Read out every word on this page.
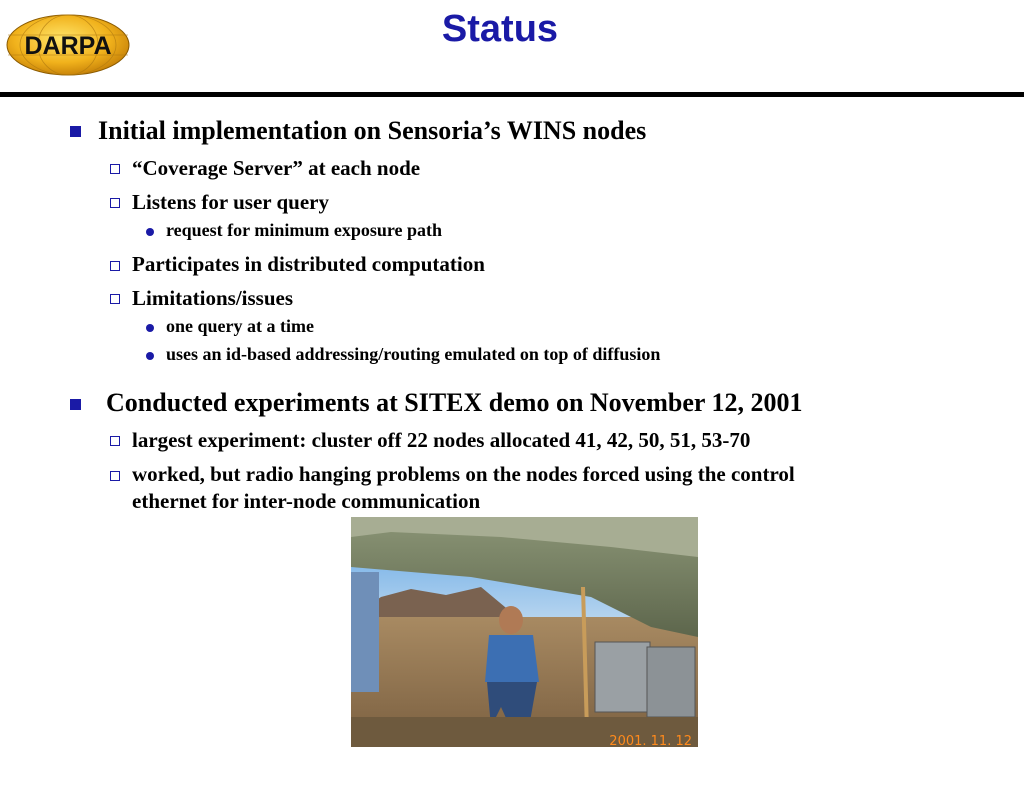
DARPA	Status
Initial implementation on Sensoria’s WINS nodes
“Coverage Server” at each node
Listens for user query
request for minimum exposure path
Participates in distributed computation
Limitations/issues
one query at a time
uses an id-based addressing/routing emulated on top of diffusion
Conducted experiments at SITEX demo on November 12, 2001
largest experiment: cluster off 22 nodes allocated 41, 42, 50, 51, 53-70
worked, but radio hanging problems on the nodes forced using the control
ethernet for inter-node communication
2001. 11. 12
